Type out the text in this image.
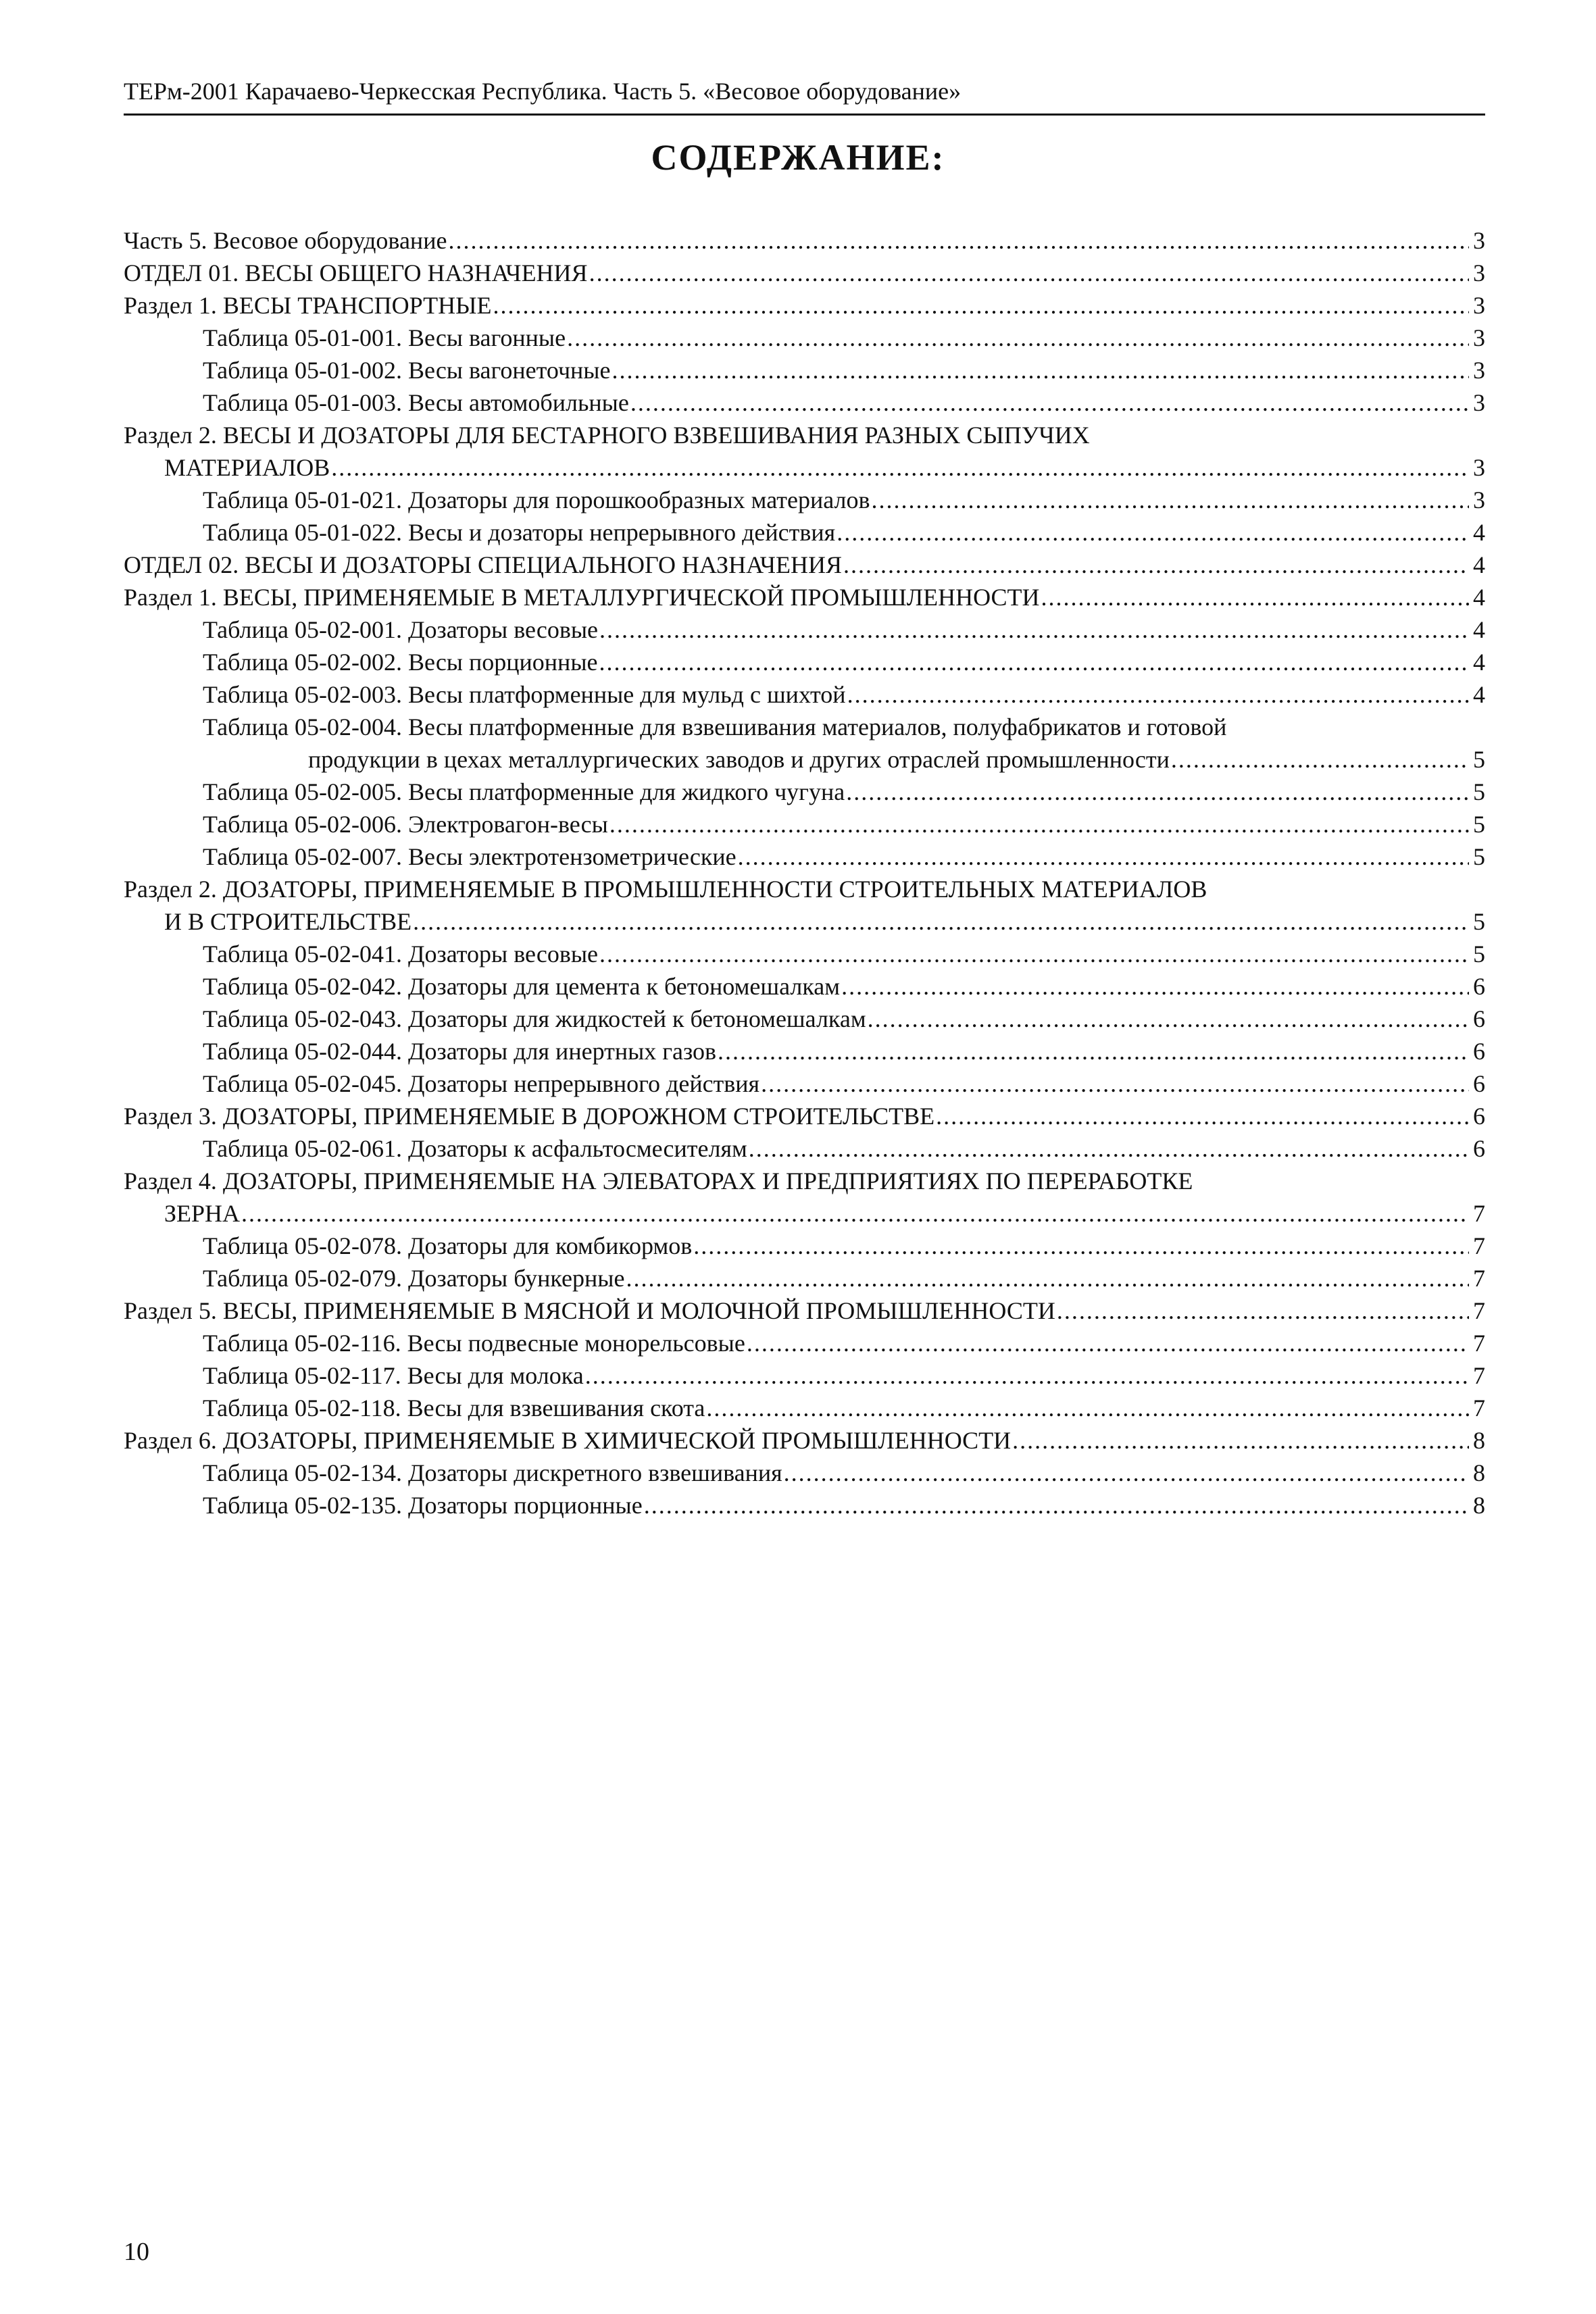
ТЕРм-2001 Карачаево-Черкесская Республика. Часть 5. «Весовое оборудование»
СОДЕРЖАНИЕ:
Часть 5. Весовое оборудование .....	3
ОТДЕЛ 01. ВЕСЫ ОБЩЕГО НАЗНАЧЕНИЯ .....	3
Раздел 1. ВЕСЫ ТРАНСПОРТНЫЕ .....	3
Таблица 05-01-001. Весы вагонные .....	3
Таблица 05-01-002. Весы вагонеточные .....	3
Таблица 05-01-003. Весы автомобильные .....	3
Раздел 2. ВЕСЫ И ДОЗАТОРЫ ДЛЯ БЕСТАРНОГО ВЗВЕШИВАНИЯ РАЗНЫХ СЫПУЧИХ
МАТЕРИАЛОВ .....	3
Таблица 05-01-021. Дозаторы для порошкообразных материалов .....	3
Таблица 05-01-022. Весы и дозаторы непрерывного действия .....	4
ОТДЕЛ 02. ВЕСЫ И ДОЗАТОРЫ СПЕЦИАЛЬНОГО НАЗНАЧЕНИЯ .....	4
Раздел 1. ВЕСЫ, ПРИМЕНЯЕМЫЕ В МЕТАЛЛУРГИЧЕСКОЙ ПРОМЫШЛЕННОСТИ .....	4
Таблица 05-02-001. Дозаторы весовые .....	4
Таблица 05-02-002. Весы порционные .....	4
Таблица 05-02-003. Весы платформенные для мульд с шихтой .....	4
Таблица 05-02-004. Весы платформенные для взвешивания материалов, полуфабрикатов и готовой
продукции в цехах металлургических заводов и других отраслей промышленности .....	5
Таблица 05-02-005. Весы платформенные для жидкого чугуна .....	5
Таблица 05-02-006. Электровагон-весы .....	5
Таблица 05-02-007. Весы электротензометрические .....	5
Раздел 2. ДОЗАТОРЫ, ПРИМЕНЯЕМЫЕ В ПРОМЫШЛЕННОСТИ СТРОИТЕЛЬНЫХ МАТЕРИАЛОВ
И В СТРОИТЕЛЬСТВЕ .....	5
Таблица 05-02-041. Дозаторы весовые .....	5
Таблица 05-02-042. Дозаторы для цемента к бетономешалкам .....	6
Таблица 05-02-043. Дозаторы для жидкостей к бетономешалкам .....	6
Таблица 05-02-044. Дозаторы для инертных газов .....	6
Таблица 05-02-045. Дозаторы непрерывного действия .....	6
Раздел 3. ДОЗАТОРЫ, ПРИМЕНЯЕМЫЕ В ДОРОЖНОМ СТРОИТЕЛЬСТВЕ .....	6
Таблица 05-02-061. Дозаторы к асфальтосмесителям .....	6
Раздел 4. ДОЗАТОРЫ, ПРИМЕНЯЕМЫЕ НА ЭЛЕВАТОРАХ И ПРЕДПРИЯТИЯХ ПО ПЕРЕРАБОТКЕ
ЗЕРНА .....	7
Таблица 05-02-078. Дозаторы для комбикормов .....	7
Таблица 05-02-079. Дозаторы бункерные .....	7
Раздел 5. ВЕСЫ, ПРИМЕНЯЕМЫЕ В МЯСНОЙ И МОЛОЧНОЙ ПРОМЫШЛЕННОСТИ .....	7
Таблица 05-02-116. Весы подвесные монорельсовые .....	7
Таблица 05-02-117. Весы для молока .....	7
Таблица 05-02-118. Весы для взвешивания скота .....	7
Раздел 6. ДОЗАТОРЫ, ПРИМЕНЯЕМЫЕ В ХИМИЧЕСКОЙ ПРОМЫШЛЕННОСТИ .....	8
Таблица 05-02-134. Дозаторы дискретного взвешивания .....	8
Таблица 05-02-135. Дозаторы порционные .....	8
10
